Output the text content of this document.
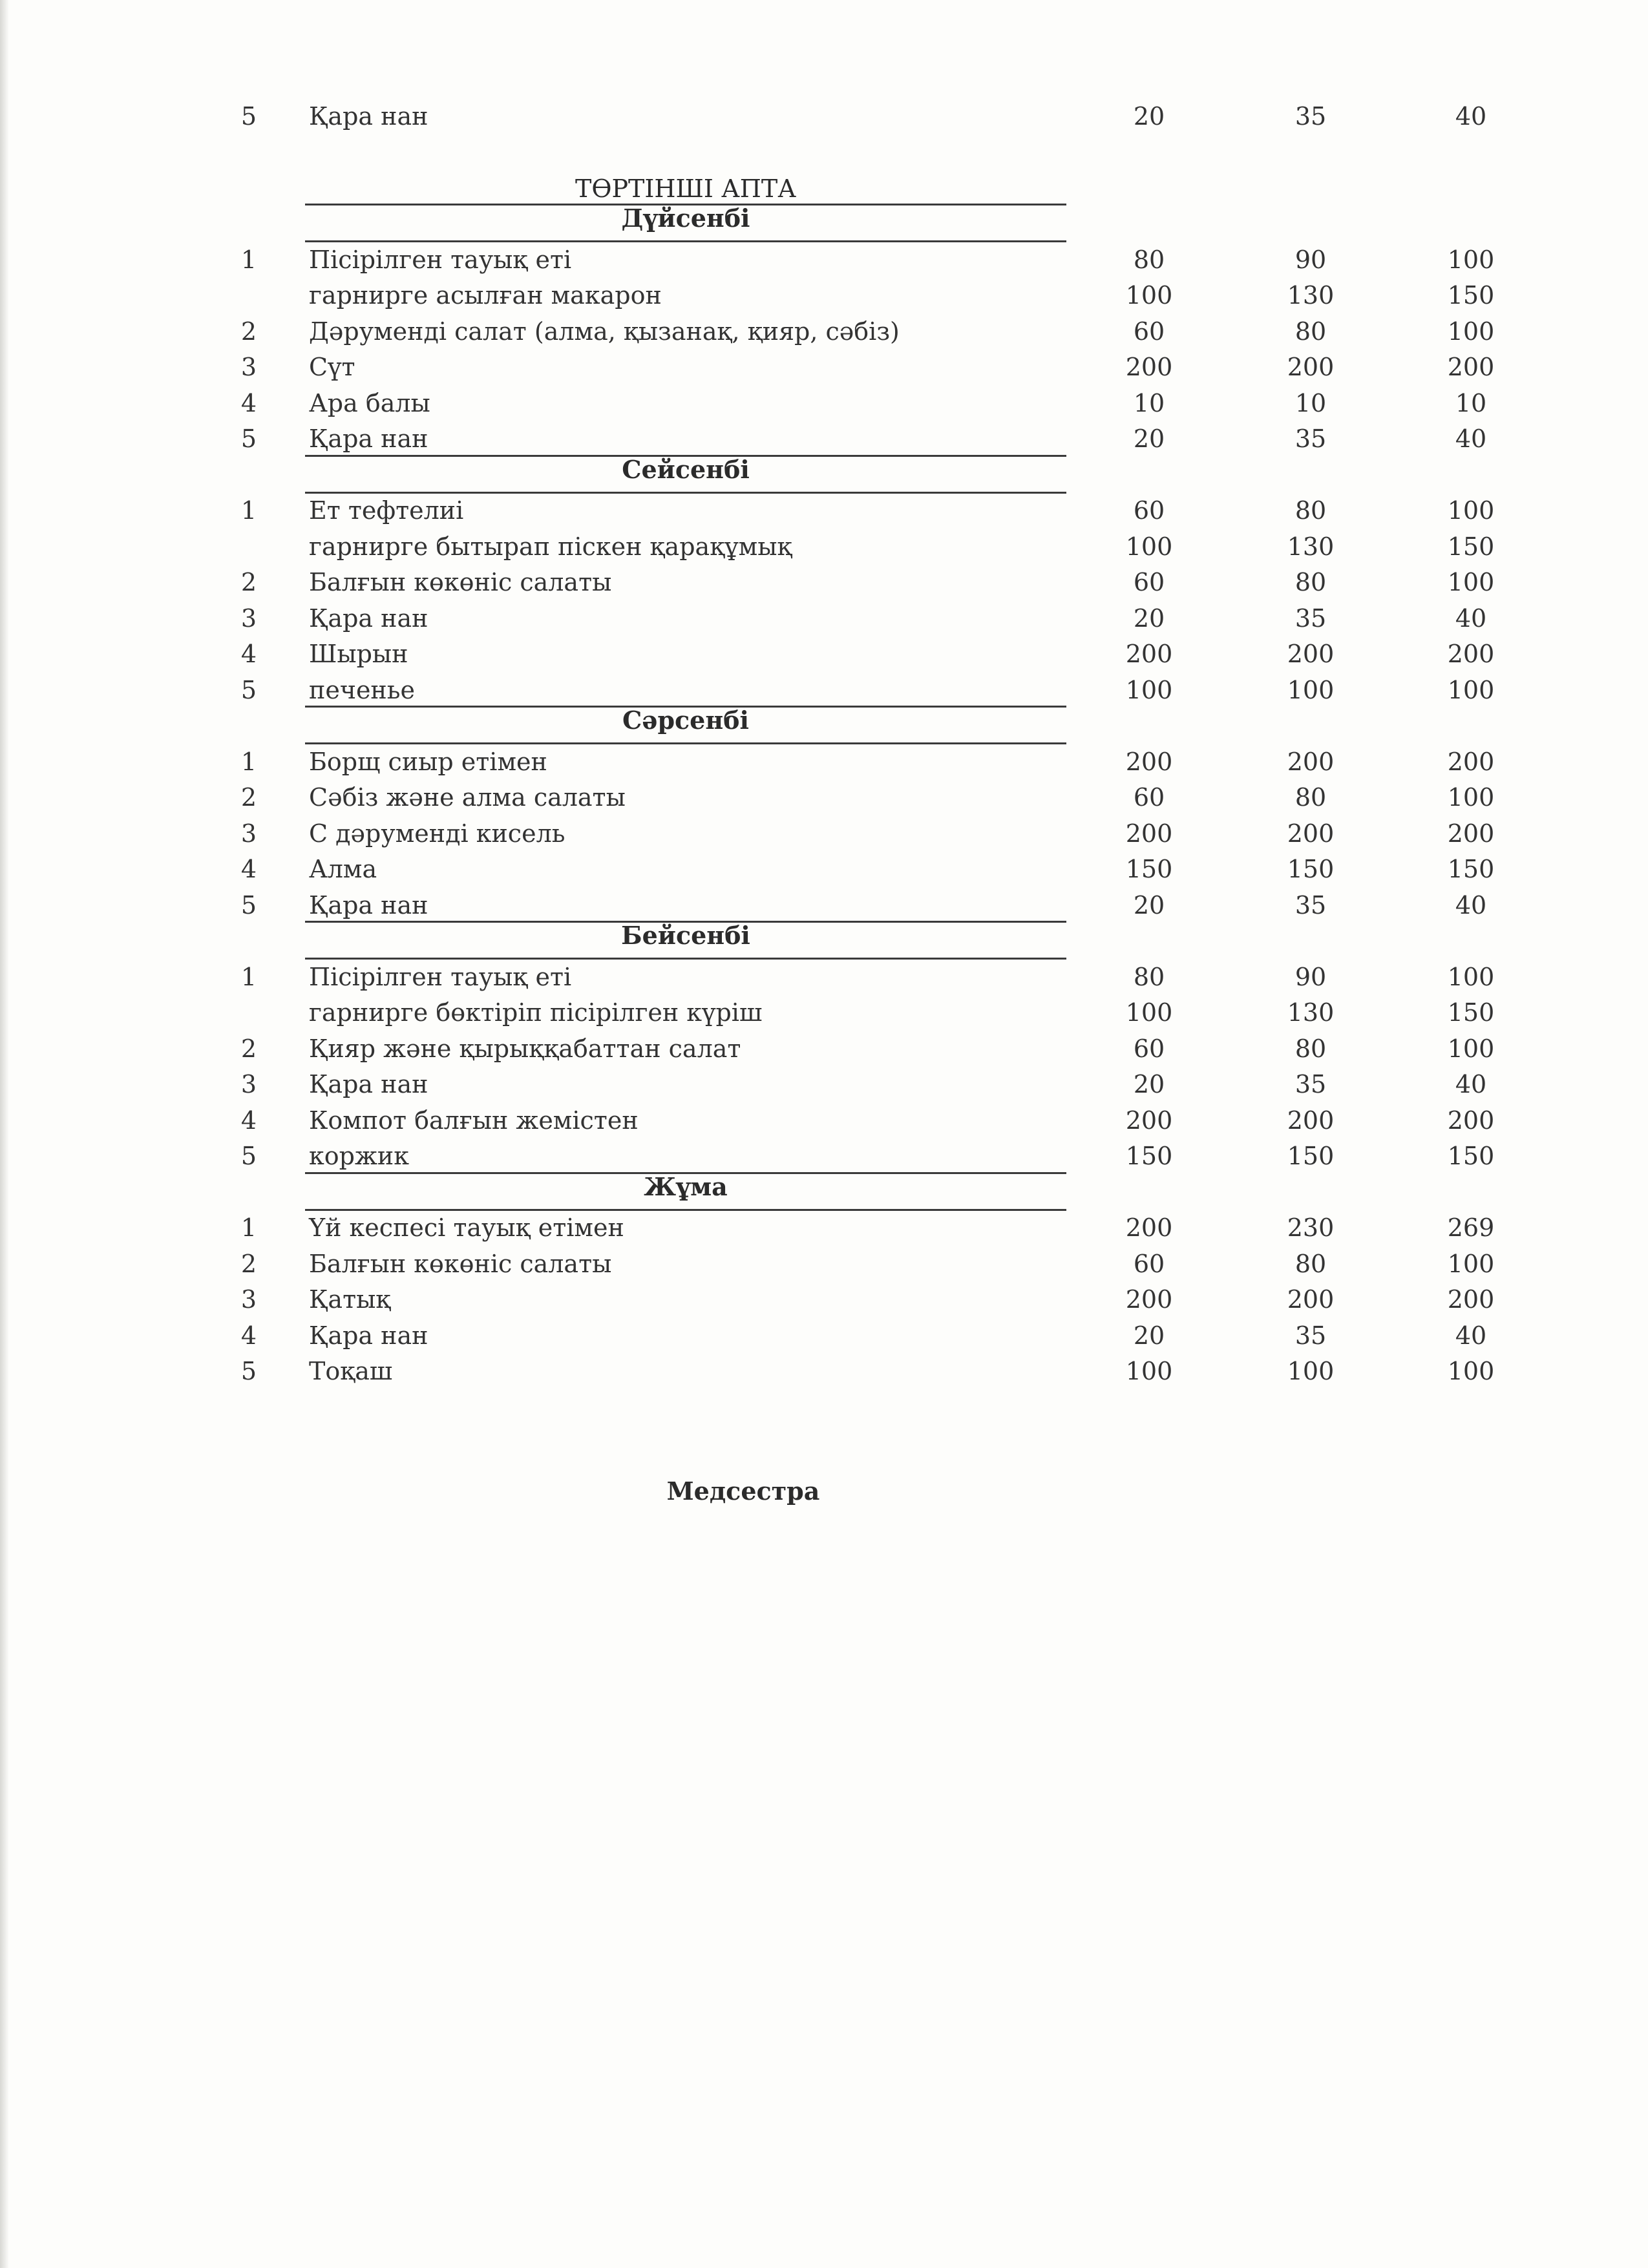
5	Қара нан	20	35	40
ТӨРТІНШІ АПТА
Дүйсенбі
1	Пісірілген тауық еті	80	90	100
гарнирге асылған макарон	100	130	150
2	Дәруменді салат (алма, қызанақ, қияр, сәбіз)	60	80	100
3	Сүт	200	200	200
4	Ара балы	10	10	10
5	Қара нан	20	35	40
Сейсенбі
1	Ет тефтелиі	60	80	100
гарнирге бытырап піскен қарақұмық	100	130	150
2	Балғын көкөніс салаты	60	80	100
3	Қара нан	20	35	40
4	Шырын	200	200	200
5	печенье	100	100	100
Сәрсенбі
1	Борщ сиыр етімен	200	200	200
2	Сәбіз және алма салаты	60	80	100
3	С дәруменді кисель	200	200	200
4	Алма	150	150	150
5	Қара нан	20	35	40
Бейсенбі
1	Пісірілген тауық еті	80	90	100
гарнирге бөктіріп пісірілген күріш	100	130	150
2	Қияр және қырыққабаттан салат	60	80	100
3	Қара нан	20	35	40
4	Компот балғын жемістен	200	200	200
5	коржик	150	150	150
Жұма
1	Үй кеспесі тауық етімен	200	230	269
2	Балғын көкөніс салаты	60	80	100
3	Қатық	200	200	200
4	Қара нан	20	35	40
5	Тоқаш	100	100	100
Медсестра
